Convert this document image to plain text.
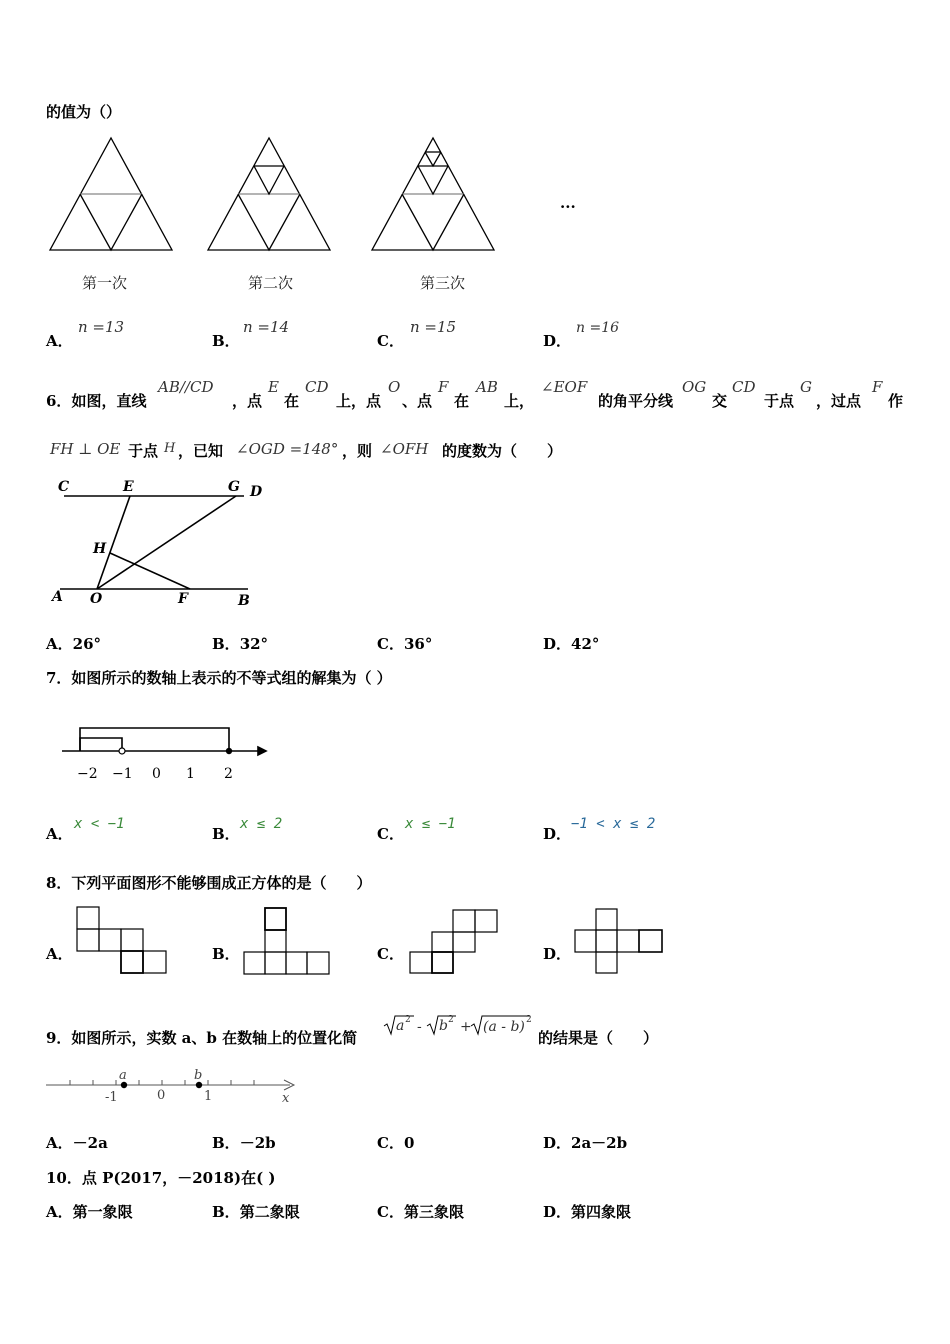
的值为（）
第一次	第二次	第三次
...
A．
n =13
B．
n =14
C．
n =15
D．
n =16
6．如图，直线
AB//CD
，点
E
在
CD
上，点
O
、点
F
在
AB
上，
∠EOF
的角平分线
OG
交
CD
于点
G
，过点
F
作
FH ⊥ OE 于点 H ，已知 ∠OGD =148° ，则 ∠OFH 的度数为（　　）
C	E	G D
H
A O	F	B
A．26°	B．32°	C．36°	D．42°
7．如图所示的数轴上表示的不等式组的解集为（ ）
−2 −1 0 1 2
A．
x < −1
B．
x ≤ 2
C．
x ≤ −1
D．
−1 < x ≤ 2
8．下列平面图形不能够围成正方体的是（　　）
A．	B．	C．	D．
9．如图所示，实数 a、b 在数轴上的位置化简
a 2 - b 2 + (a - b) 2
的结果是（　　）
a	b
-1	0	1	x
A．－2a	B．－2b	C．0	D．2a－2b
10．点 P(2017，－2018)在( )
A．第一象限	B．第二象限	C．第三象限	D．第四象限
